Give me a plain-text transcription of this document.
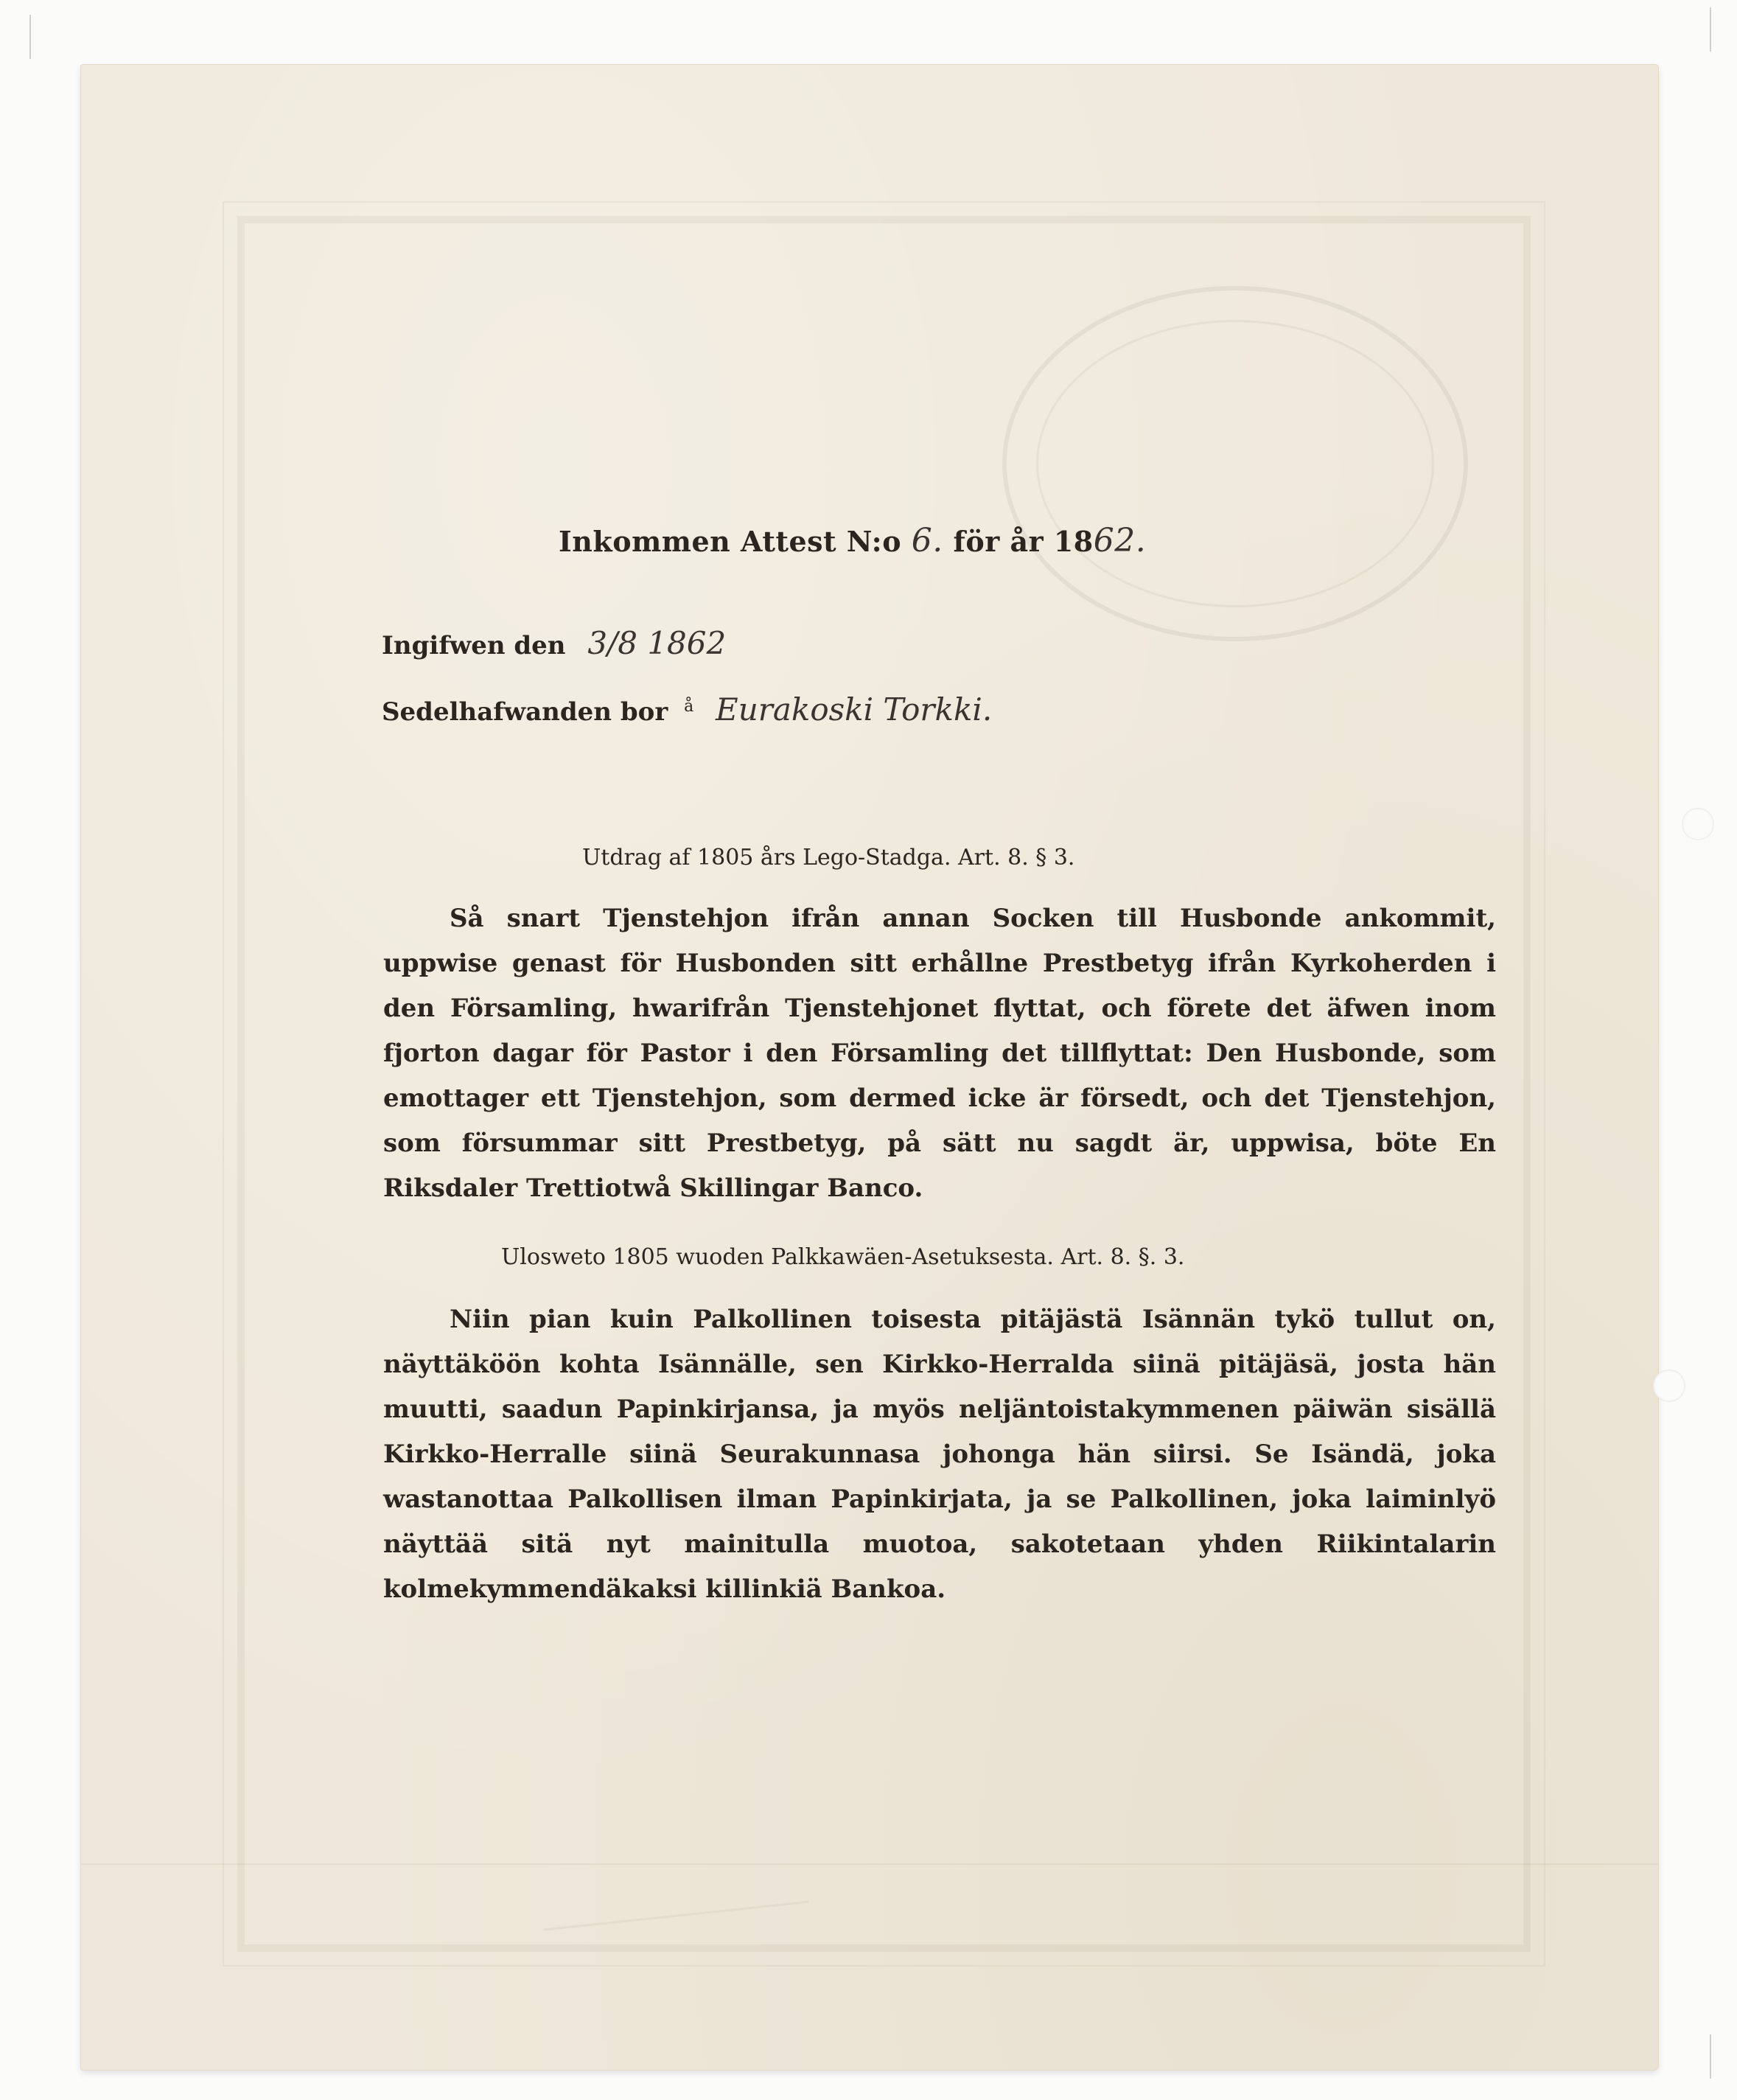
Inkommen Attest N:o 6. för år 1862.
Ingifwen den 3/8 1862
Sedelhafwanden bor $^å$ Eurakoski Torkki.
Utdrag af 1805 års Lego-Stadga. Art. 8. § 3.
Så snart Tjenstehjon ifrån annan Socken till Husbonde ankommit, uppwise genast för Husbonden sitt erhållne Prestbetyg ifrån Kyrkoherden i den Församling, hwarifrån Tjenstehjonet flyttat, och förete det äfwen inom fjorton dagar för Pastor i den Församling det tillflyttat: Den Husbonde, som emottager ett Tjenstehjon, som dermed icke är försedt, och det Tjenstehjon, som försummar sitt Prestbetyg, på sätt nu sagdt är, uppwisa, böte En Riksdaler Trettiotwå Skillingar Banco.
Ulosweto 1805 wuoden Palkkawäen-Asetuksesta. Art. 8. §. 3.
Niin pian kuin Palkollinen toisesta pitäjästä Isännän tykö tullut on, näyttäköön kohta Isännälle, sen Kirkko-Herralda siinä pitäjäsä, josta hän muutti, saadun Papinkirjansa, ja myös neljäntoistakymmenen päiwän sisällä Kirkko-Herralle siinä Seurakunnasa johonga hän siirsi. Se Isändä, joka wastanottaa Palkollisen ilman Papinkirjata, ja se Palkollinen, joka laiminlyö näyttää sitä nyt mainitulla muotoa, sakotetaan yhden Riikintalarin kolmekymmendäkaksi killinkiä Bankoa.
